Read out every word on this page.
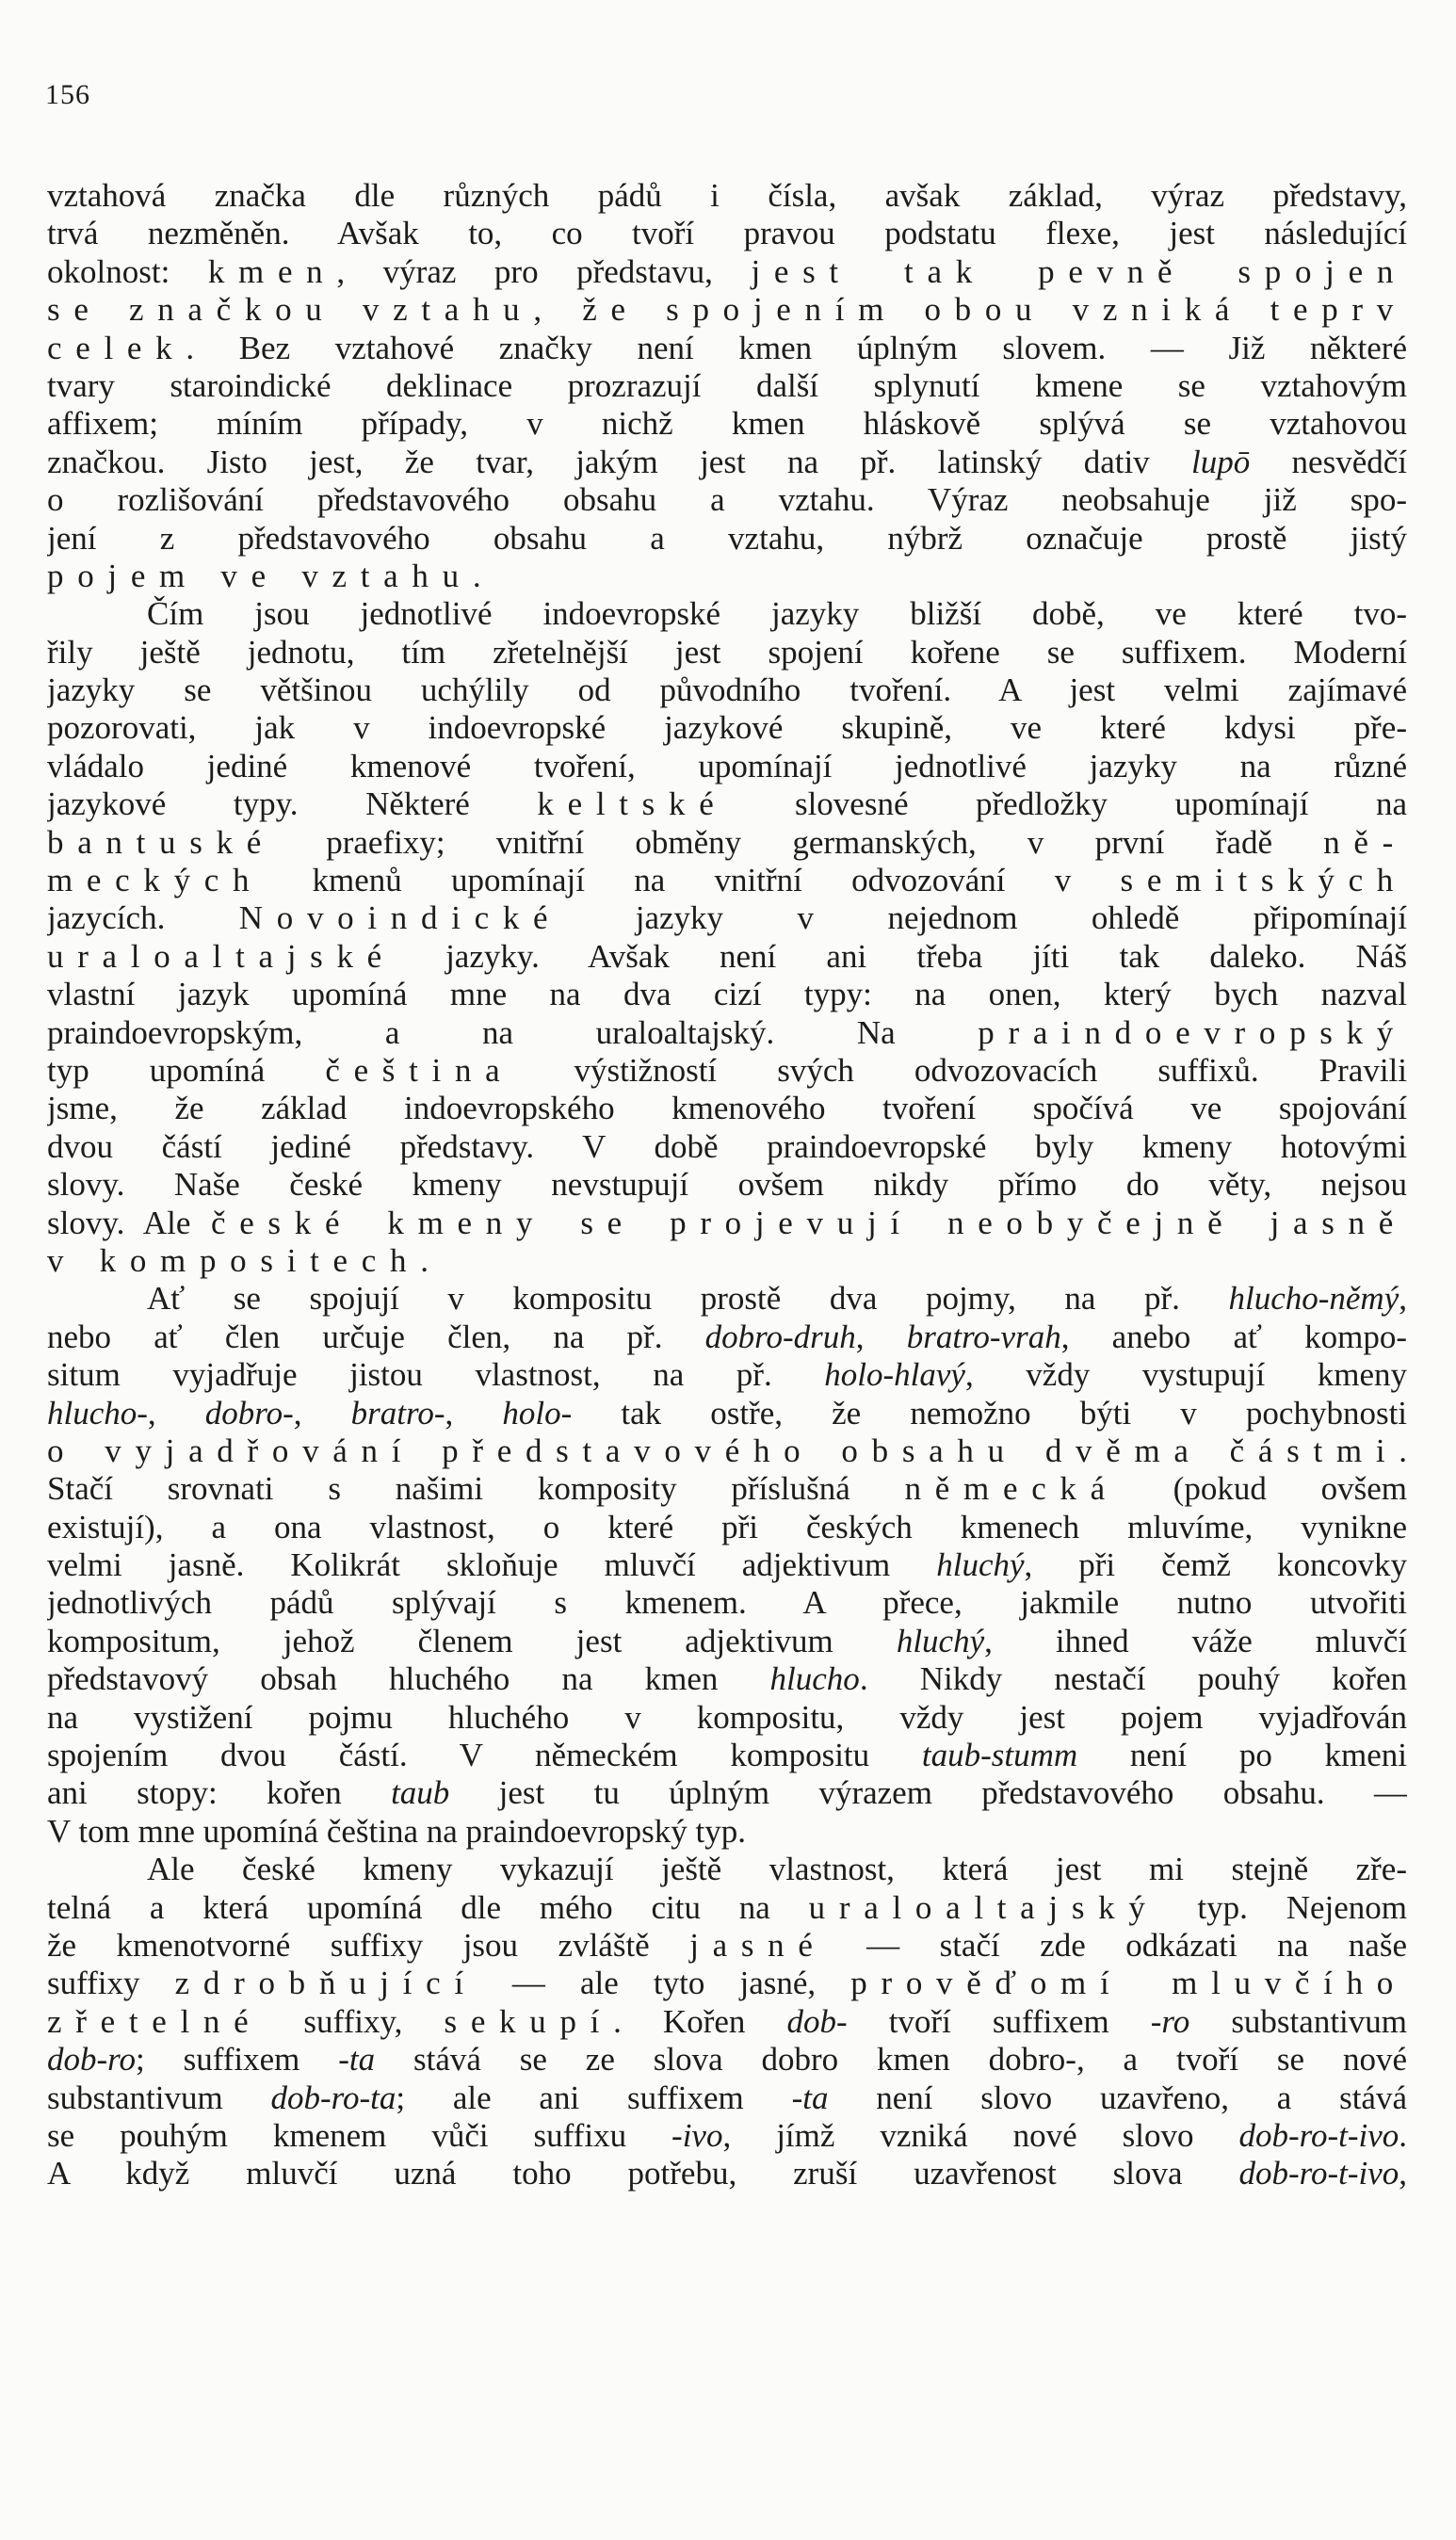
156
vztahová značka dle různých pádů i čísla, avšak základ, výraz představy,
trvá nezměněn. Avšak to, co tvoří pravou podstatu flexe, jest následující
okolnost: kmen, výraz pro představu, jest tak pevně spojen
se značkou vztahu, že spojením obou vzniká teprv
celek. Bez vztahové značky není kmen úplným slovem. — Již některé
tvary staroindické deklinace prozrazují další splynutí kmene se vztahovým
affixem; míním případy, v nichž kmen hláskově splývá se vztahovou
značkou. Jisto jest, že tvar, jakým jest na př. latinský dativ lupō nesvědčí
o rozlišování představového obsahu a vztahu. Výraz neobsahuje již spo-
jení z představového obsahu a vztahu, nýbrž označuje prostě jistý
pojem ve vztahu.
Čím jsou jednotlivé indoevropské jazyky bližší době, ve které tvo-
řily ještě jednotu, tím zřetelnější jest spojení kořene se suffixem. Moderní
jazyky se většinou uchýlily od původního tvoření. A jest velmi zajímavé
pozorovati, jak v indoevropské jazykové skupině, ve které kdysi pře-
vládalo jediné kmenové tvoření, upomínají jednotlivé jazyky na různé
jazykové typy. Některé keltské slovesné předložky upomínají na
bantuské praefixy; vnitřní obměny germanských, v první řadě ně-
meckých kmenů upomínají na vnitřní odvozování v semitských
jazycích. Novoindické jazyky v nejednom ohledě připomínají
uraloaltajské jazyky. Avšak není ani třeba jíti tak daleko. Náš
vlastní jazyk upomíná mne na dva cizí typy: na onen, který bych nazval
praindoevropským, a na uraloaltajský. Na praindoevropský
typ upomíná čeština výstižností svých odvozovacích suffixů. Pravili
jsme, že základ indoevropského kmenového tvoření spočívá ve spojování
dvou částí jediné představy. V době praindoevropské byly kmeny hotovými
slovy. Naše české kmeny nevstupují ovšem nikdy přímo do věty, nejsou
slovy. Ale české kmeny se projevují neobyčejně jasně
v kompositech.
Ať se spojují v kompositu prostě dva pojmy, na př. hlucho-němý,
nebo ať člen určuje člen, na př. dobro-druh, bratro-vrah, anebo ať kompo-
situm vyjadřuje jistou vlastnost, na př. holo-hlavý, vždy vystupují kmeny
hlucho-, dobro-, bratro-, holo- tak ostře, že nemožno býti v pochybnosti
o vyjadřování představového obsahu dvěma částmi.
Stačí srovnati s našimi komposity příslušná německá (pokud ovšem
existují), a ona vlastnost, o které při českých kmenech mluvíme, vynikne
velmi jasně. Kolikrát skloňuje mluvčí adjektivum hluchý, při čemž koncovky
jednotlivých pádů splývají s kmenem. A přece, jakmile nutno utvořiti
kompositum, jehož členem jest adjektivum hluchý, ihned váže mluvčí
představový obsah hluchého na kmen hlucho. Nikdy nestačí pouhý kořen
na vystižení pojmu hluchého v kompositu, vždy jest pojem vyjadřován
spojením dvou částí. V německém kompositu taub-stumm není po kmeni
ani stopy: kořen taub jest tu úplným výrazem představového obsahu. —
V tom mne upomíná čeština na praindoevropský typ.
Ale české kmeny vykazují ještě vlastnost, která jest mi stejně zře-
telná a která upomíná dle mého citu na uraloaltajský typ. Nejenom
že kmenotvorné suffixy jsou zvláště jasné — stačí zde odkázati na naše
suffixy zdrobňující — ale tyto jasné, prověďomí mluvčího
zřetelné suffixy, sekupí. Kořen dob- tvoří suffixem -ro substantivum
dob-ro; suffixem -ta stává se ze slova dobro kmen dobro-, a tvoří se nové
substantivum dob-ro-ta; ale ani suffixem -ta není slovo uzavřeno, a stává
se pouhým kmenem vůči suffixu -ivo, jímž vzniká nové slovo dob-ro-t-ivo.
A když mluvčí uzná toho potřebu, zruší uzavřenost slova dob-ro-t-ivo,
